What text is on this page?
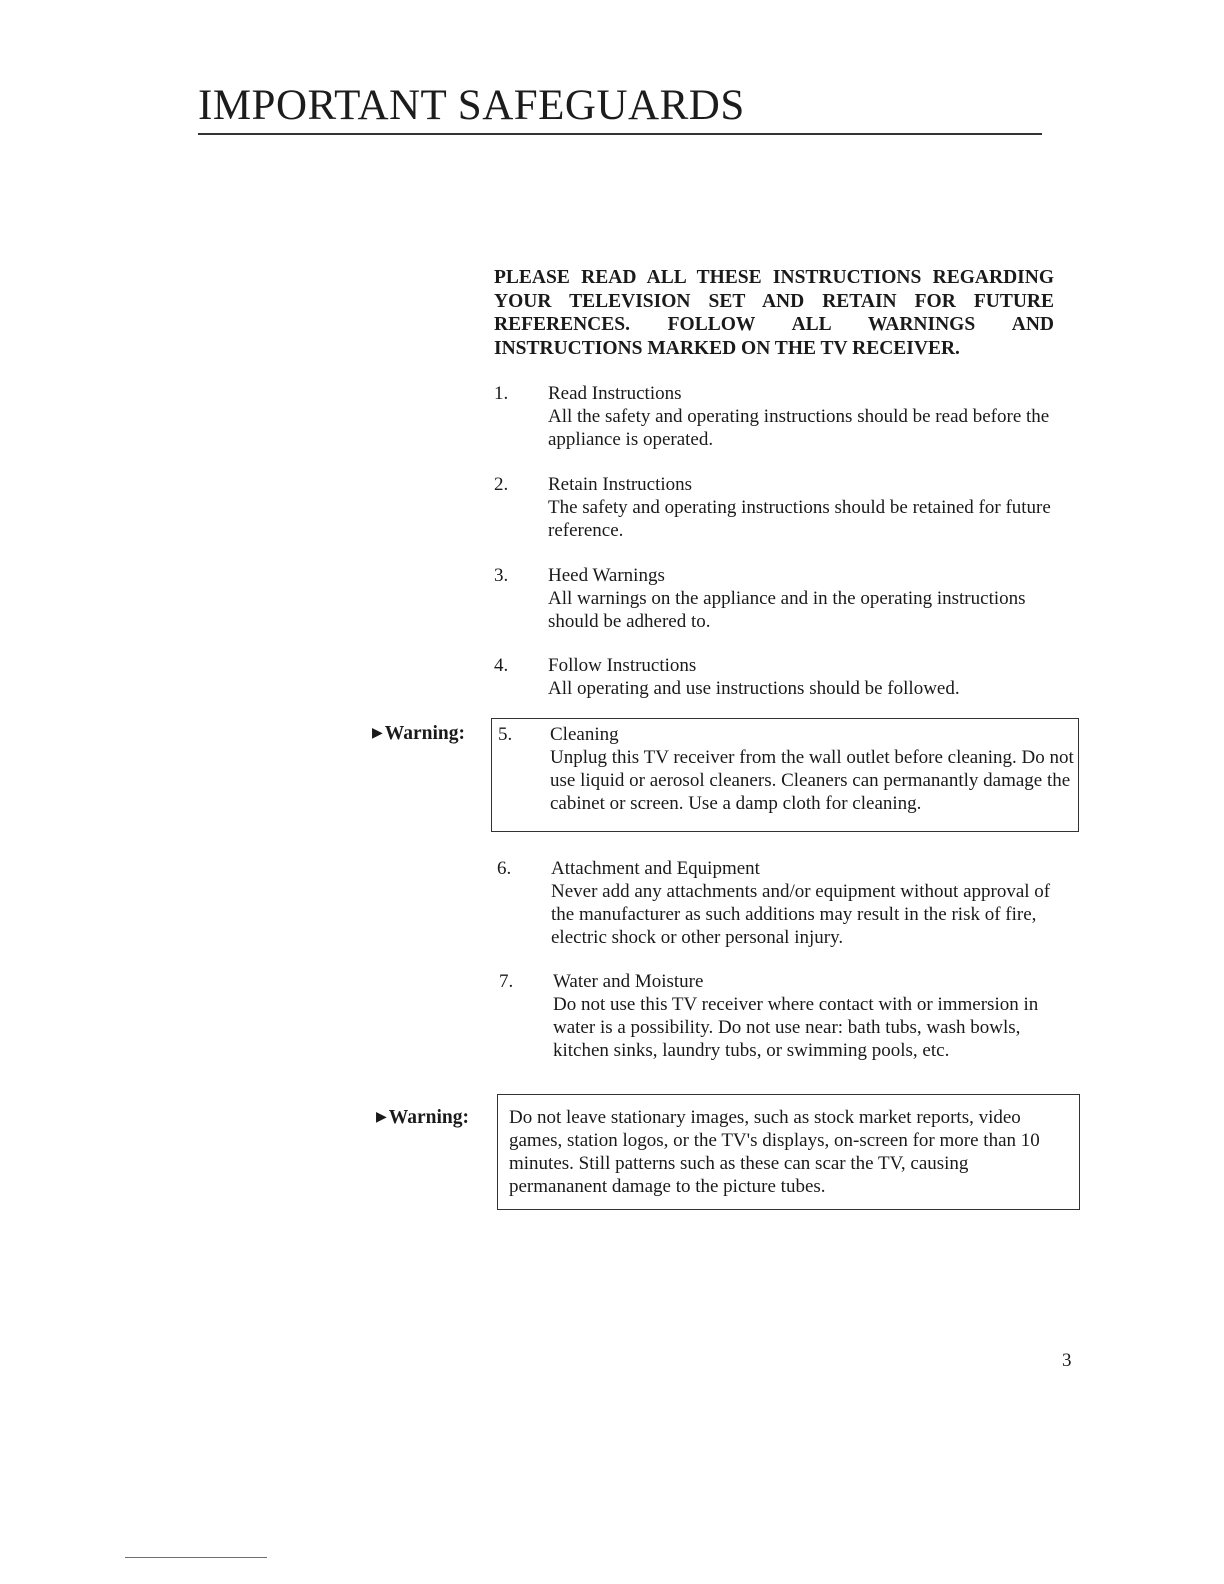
IMPORTANT SAFEGUARDS
PLEASE READ ALL THESE INSTRUCTIONS REGARDING YOUR TELEVISION SET AND RETAIN FOR FUTURE REFERENCES. FOLLOW ALL WARNINGS AND INSTRUCTIONS MARKED ON THE TV RECEIVER.
1.	Read Instructions
All the safety and operating instructions should be read before the appliance is operated.
2.	Retain Instructions
The safety and operating instructions should be retained for future reference.
3.	Heed Warnings
All warnings on the appliance and in the operating instructions should be adhered to.
4.	Follow Instructions
All operating and use instructions should be followed.
▶ Warning: 5. Cleaning
Unplug this TV receiver from the wall outlet before cleaning. Do not use liquid or aerosol cleaners. Cleaners can permanantly damage the cabinet or screen. Use a damp cloth for cleaning.
6.	Attachment and Equipment
Never add any attachments and/or equipment without approval of the manufacturer as such additions may result in the risk of fire, electric shock or other personal injury.
7.	Water and Moisture
Do not use this TV receiver where contact with or immersion in water is a possibility. Do not use near: bath tubs, wash bowls, kitchen sinks, laundry tubs, or swimming pools, etc.
▶ Warning: Do not leave stationary images, such as stock market reports, video games, station logos, or the TV's displays, on-screen for more than 10 minutes. Still patterns such as these can scar the TV, causing permananent damage to the picture tubes.
3
